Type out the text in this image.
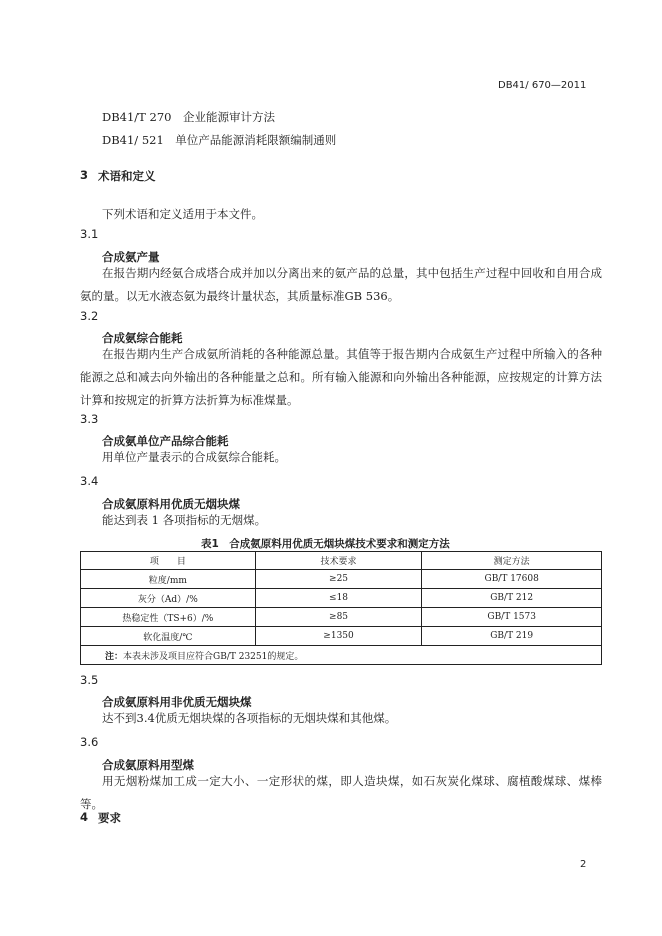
DB41/ 670—2011
DB41/T 270　企业能源审计方法
DB41/ 521　单位产品能源消耗限额编制通则
3 术语和定义
下列术语和定义适用于本文件。
3.1
合成氨产量
在报告期内经氨合成塔合成并加以分离出来的氨产品的总量，其中包括生产过程中回收和自用合成氨的量。以无水液态氨为最终计量状态，其质量标准GB 536。
3.2
合成氨综合能耗
在报告期内生产合成氨所消耗的各种能源总量。其值等于报告期内合成氨生产过程中所输入的各种能源之总和减去向外输出的各种能量之总和。所有输入能源和向外输出各种能源，应按规定的计算方法计算和按规定的折算方法折算为标准煤量。
3.3
合成氨单位产品综合能耗
用单位产量表示的合成氨综合能耗。
3.4
合成氨原料用优质无烟块煤
能达到表 1 各项指标的无烟煤。
表1　合成氨原料用优质无烟块煤技术要求和测定方法
项　　目	技术要求	测定方法
粒度/mm	≥25	GB/T 17608
灰分（Ad）/%	≤18	GB/T 212
热稳定性（TS+6）/%	≥85	GB/T 1573
软化温度/℃	≥1350	GB/T 219
注：本表未涉及项目应符合GB/T 23251的规定。		
3.5
合成氨原料用非优质无烟块煤
达不到3.4优质无烟块煤的各项指标的无烟块煤和其他煤。
3.6
合成氨原料用型煤
用无烟粉煤加工成一定大小、一定形状的煤，即人造块煤，如石灰炭化煤球、腐植酸煤球、煤棒等。
4 要求
2
